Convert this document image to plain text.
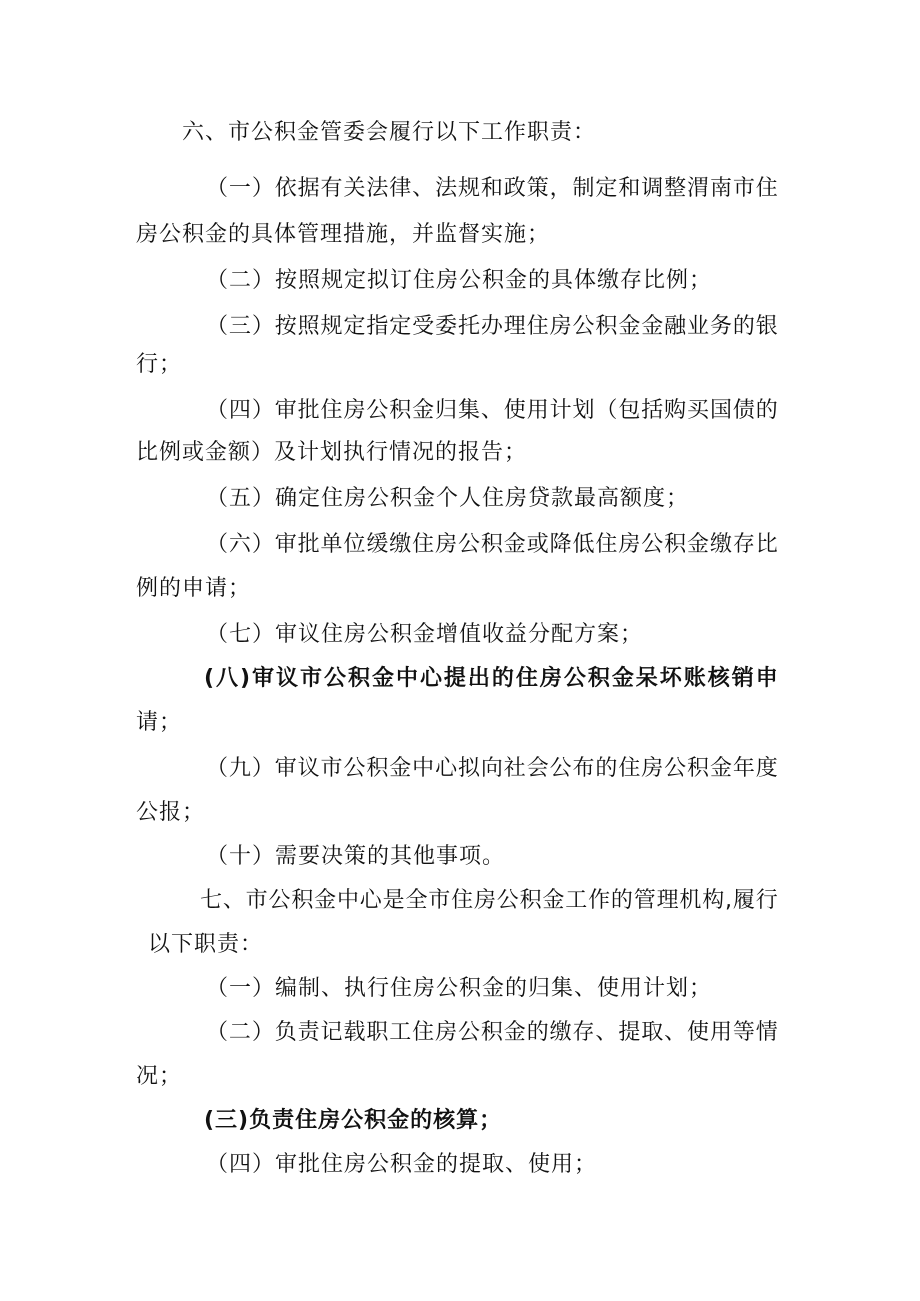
六、市公积金管委会履行以下工作职责：
（ 一 ） 依 据 有 关 法 律 、 法 规 和 政 策 ， 制 定 和 调 整 渭 南 市 住
房公积金的具体管理措施，并监督实施；
（二）按照规定拟订住房公积金的具体缴存比例；
（ 三 ） 按 照 规 定 指 定 受 委 托 办 理 住 房 公 积 金 金 融 业 务 的 银
行；
（ 四 ） 审 批 住 房 公 积 金 归 集 、 使 用 计 划 （ 包 括 购 买 国 债 的
比例或金额）及计划执行情况的报告；
（五）确定住房公积金个人住房贷款最高额度；
（ 六 ） 审 批 单 位 缓 缴 住 房 公 积 金 或 降 低 住 房 公 积 金 缴 存 比
例的申请；
（七）审议住房公积金增值收益分配方案；
( 八 ) 审 议 市 公 积 金 中 心 提 出 的 住 房 公 积 金 呆 坏 账 核 销 申
请；
（ 九 ） 审 议 市 公 积 金 中 心 拟 向 社 会 公 布 的 住 房 公 积 金 年 度
公报；
（十）需要决策的其他事项。
七 、 市 公 积 金 中 心 是 全 市 住 房 公 积 金 工 作 的 管 理 机 构 , 履 行
以下职责：
（一）编制、执行住房公积金的归集、使用计划；
（ 二 ） 负 责 记 载 职 工 住 房 公 积 金 的 缴 存 、 提 取 、 使 用 等 情
况；
(三)负责住房公积金的核算；
（四）审批住房公积金的提取、使用；
